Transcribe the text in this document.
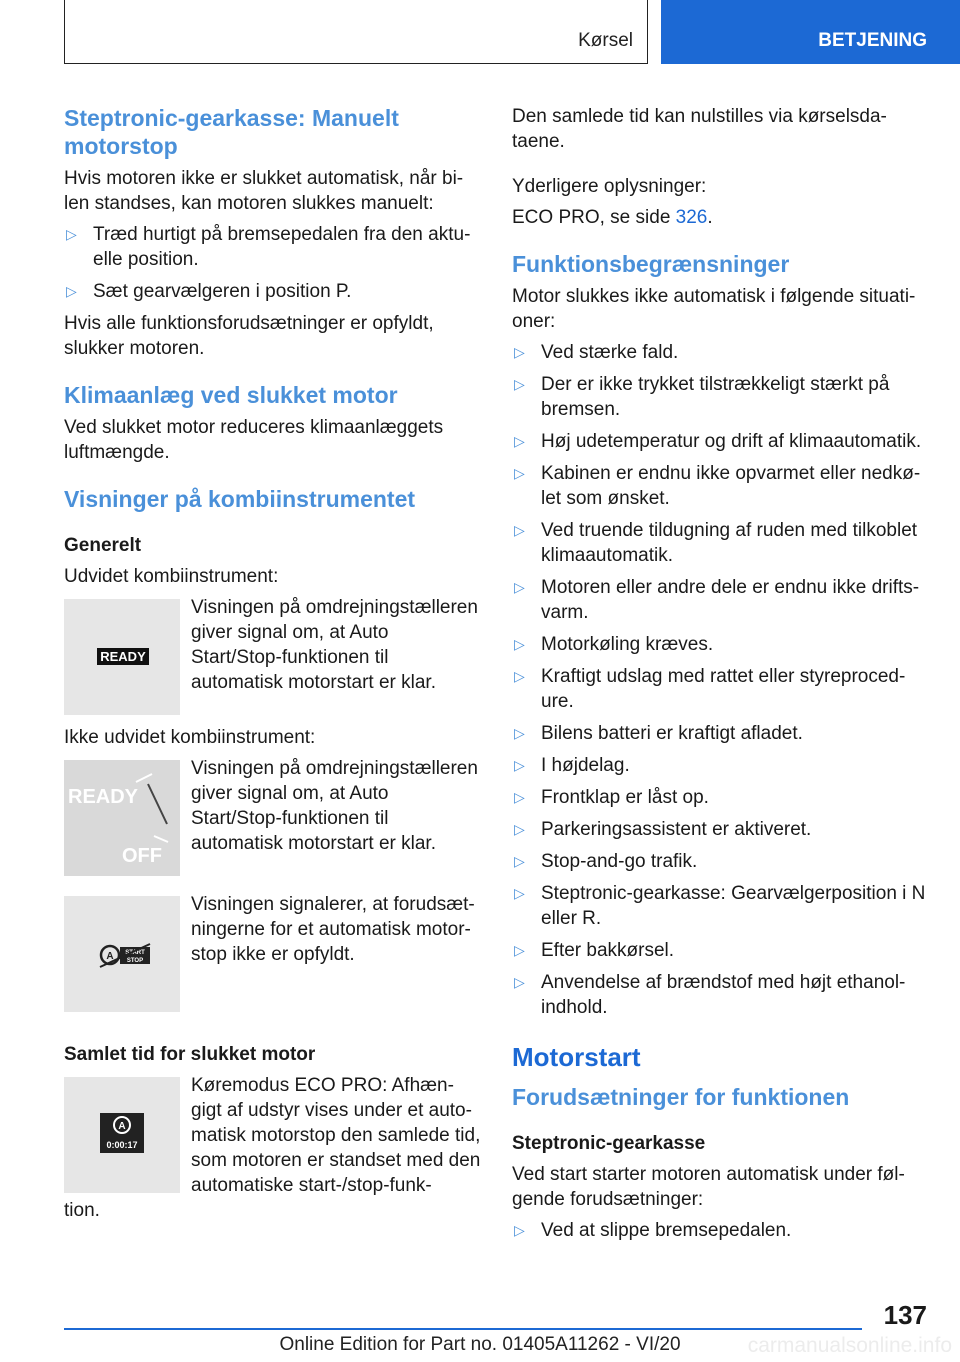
Kørsel	BETJENING
Steptronic-gearkasse: Manuelt motorstop

Hvis motoren ikke er slukket automatisk, når bi-len standses, kan motoren slukkes manuelt:

▷ Træd hurtigt på bremsepedalen fra den aktu-elle position.
▷ Sæt gearvælgeren i position P.

Hvis alle funktionsforudsætninger er opfyldt, slukker motoren.

Klimaanlæg ved slukket motor

Ved slukket motor reduceres klimaanlæggets luftmængde.

Visninger på kombiinstrumentet
Generelt

Udvidet kombiinstrument:

READY
Visningen på omdrejningstælleren giver signal om, at Auto Start/Stop-funktionen til automatisk motorstart er klar.

Ikke udvidet kombiinstrument:

READY
OFF
Visningen på omdrejningstælleren giver signal om, at Auto Start/Stop-funktionen til automatisk motorstart er klar.
A START
STOP
Visningen signalerer, at forudsæt-ningerne for et automatisk motor-stop ikke er opfyldt.
Samlet tid for slukket motor
A
0:00:17
Køremodus ECO PRO: Afhæn-gigt af udstyr vises under et auto-matisk motorstop den samlede tid, som motoren er standset med den automatiske start-/stop-funk-

tion.

Den samlede tid kan nulstilles via kørselsda-taene.

Yderligere oplysninger:

ECO PRO, se side 326.

Funktionsbegrænsninger

Motor slukkes ikke automatisk i følgende situati-oner:

▷ Ved stærke fald.
▷ Der er ikke trykket tilstrækkeligt stærkt på bremsen.
▷ Høj udetemperatur og drift af klimaautomatik.
▷ Kabinen er endnu ikke opvarmet eller nedkø-let som ønsket.
▷ Ved truende tildugning af ruden med tilkoblet klimaautomatik.
▷ Motoren eller andre dele er endnu ikke drifts-varm.
▷ Motorkøling kræves.
▷ Kraftigt udslag med rattet eller styreproced-ure.
▷ Bilens batteri er kraftigt afladet.
▷ I højdelag.
▷ Frontklap er låst op.
▷ Parkeringsassistent er aktiveret.
▷ Stop-and-go trafik.
▷ Steptronic-gearkasse: Gearvælgerposition i N eller R.
▷ Efter bakkørsel.
▷ Anvendelse af brændstof med højt ethanol-indhold.
Motorstart
Forudsætninger for funktionen
Steptronic-gearkasse

Ved start starter motoren automatisk under føl-gende forudsætninger:

▷ Ved at slippe bremsepedalen.
137
Online Edition for Part no. 01405A11262 - VI/20	carmanualsonline.info
